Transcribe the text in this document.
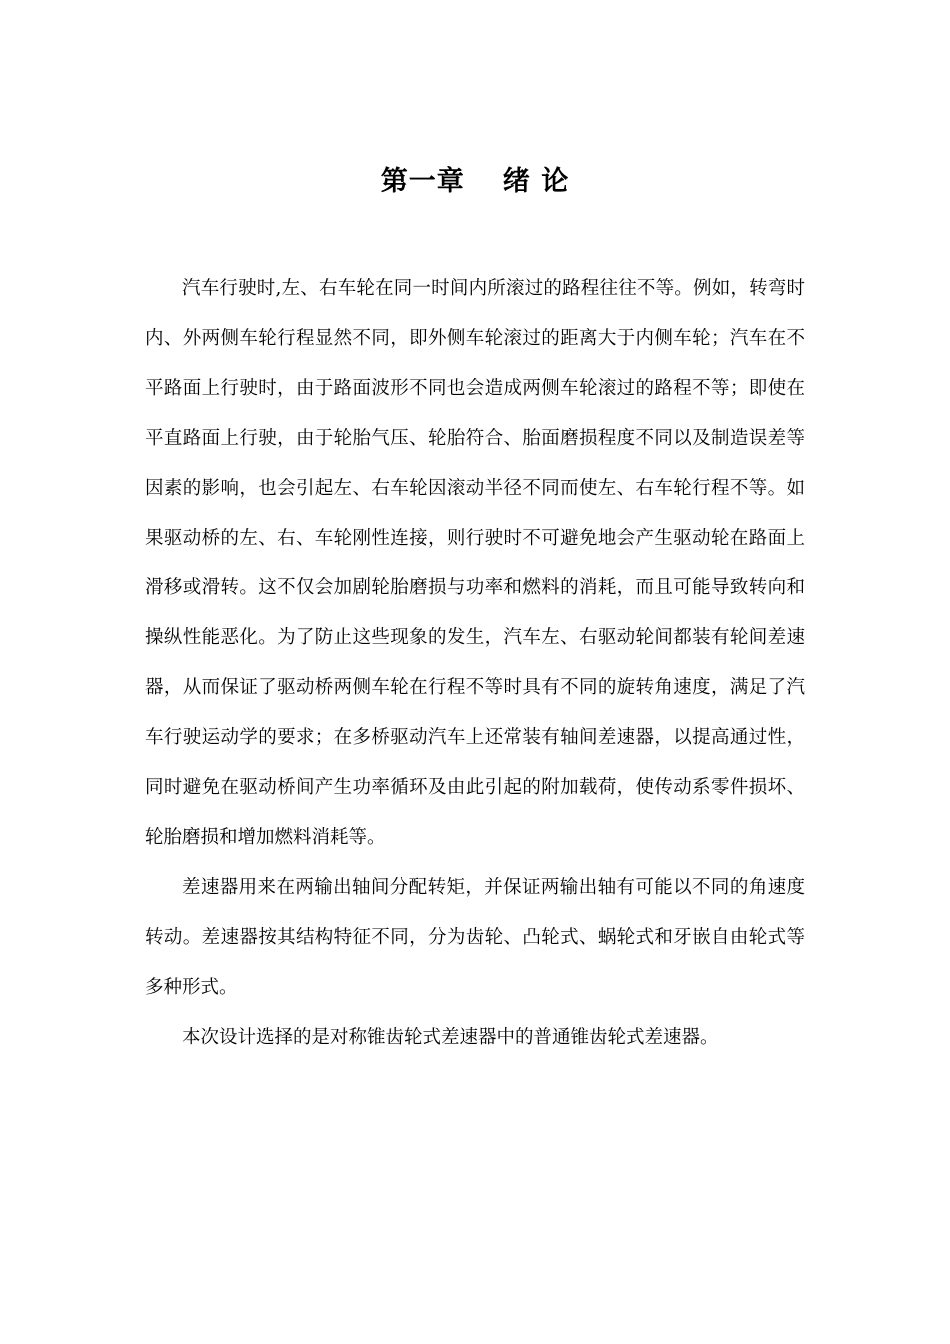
第一章 绪 论

汽车行驶时,左、右车轮在同一时间内所滚过的路程往往不等。例如，转弯时内、外两侧车轮行程显然不同，即外侧车轮滚过的距离大于内侧车轮；汽车在不平路面上行驶时，由于路面波形不同也会造成两侧车轮滚过的路程不等；即使在平直路面上行驶，由于轮胎气压、轮胎符合、胎面磨损程度不同以及制造误差等因素的影响，也会引起左、右车轮因滚动半径不同而使左、右车轮行程不等。如果驱动桥的左、右、车轮刚性连接，则行驶时不可避免地会产生驱动轮在路面上滑移或滑转。这不仅会加剧轮胎磨损与功率和燃料的消耗，而且可能导致转向和操纵性能恶化。为了防止这些现象的发生，汽车左、右驱动轮间都装有轮间差速器，从而保证了驱动桥两侧车轮在行程不等时具有不同的旋转角速度，满足了汽车行驶运动学的要求；在多桥驱动汽车上还常装有轴间差速器，以提高通过性，同时避免在驱动桥间产生功率循环及由此引起的附加载荷，使传动系零件损坏、轮胎磨损和增加燃料消耗等。

差速器用来在两输出轴间分配转矩，并保证两输出轴有可能以不同的角速度转动。差速器按其结构特征不同，分为齿轮、凸轮式、蜗轮式和牙嵌自由轮式等多种形式。

本次设计选择的是对称锥齿轮式差速器中的普通锥齿轮式差速器。
